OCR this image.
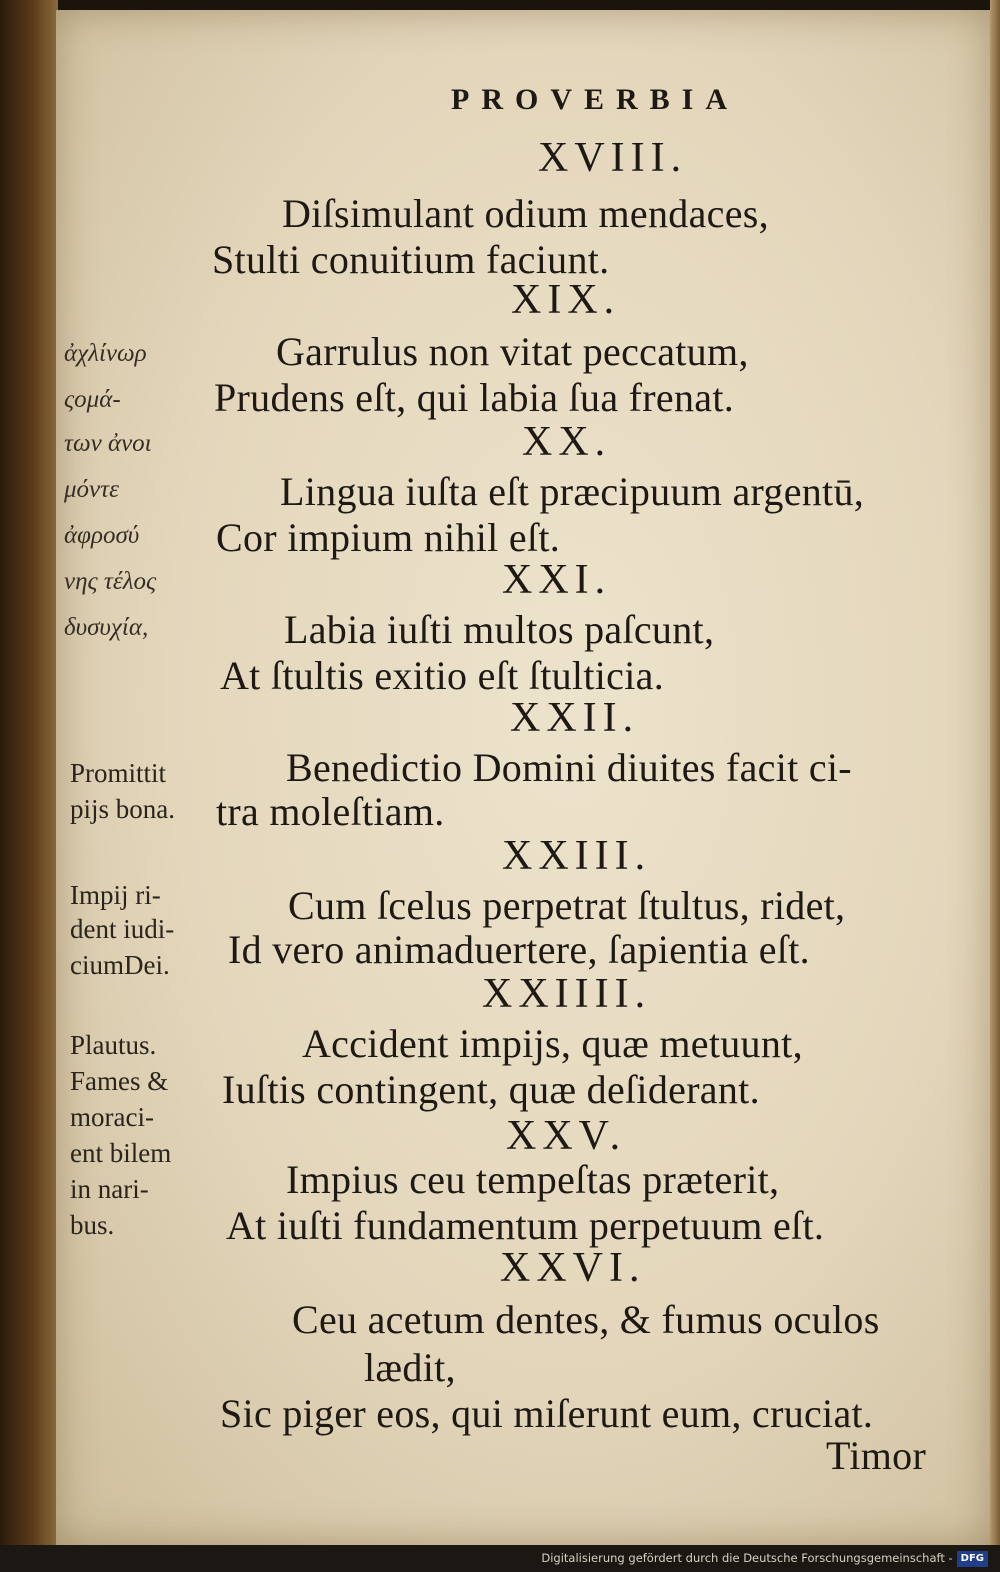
PROVERBIA
XVIII.
Diſsimulant odium mendaces,
Stulti conuitium faciunt.
XIX.
Garrulus non vitat peccatum,
Prudens eſt, qui labia ſua frenat.
XX.
Lingua iuſta eſt præcipuum argentū,
Cor impium nihil eſt.
XXI.
Labia iuſti multos paſcunt,
At ſtultis exitio eſt ſtulticia.
XXII.
Benedictio Domini diuites facit ci-
tra moleſtiam.
XXIII.
Cum ſcelus perpetrat ſtultus, ridet,
Id vero animaduertere, ſapientia eſt.
XXIIII.
Accident impijs, quæ metuunt,
Iuſtis contingent, quæ deſiderant.
XXV.
Impius ceu tempeſtas præterit,
At iuſti fundamentum perpetuum eſt.
XXVI.
Ceu acetum dentes, & fumus oculos
lædit,
Sic piger eos, qui miſerunt eum, cruciat.
Timor
ἀχλίνωρ
ςομά-
των ἀνοι
μόντε
ἀφροσύ
νης τέλος
δυσυχία,
Promittit
pijs bona.
Impij ri-
dent iudi-
ciumDei.
Plautus.
Fames &
moraci-
ent bilem
in nari-
bus.
Digitalisierung gefördert durch die Deutsche Forschungsgemeinschaft - DFG
